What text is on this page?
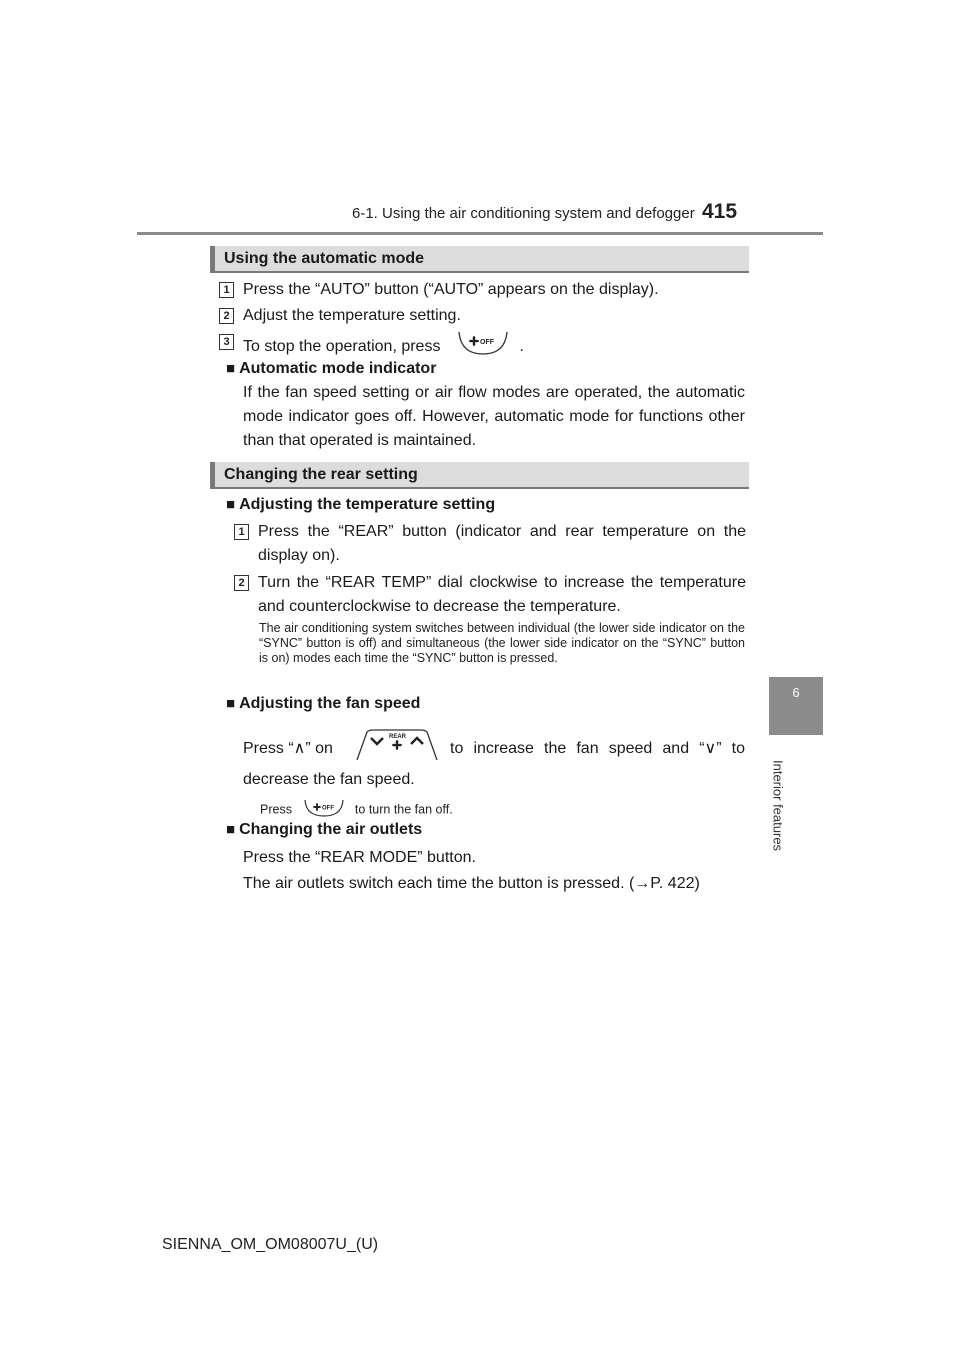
6-1. Using the air conditioning system and defogger 415
6
Interior features
Using the automatic mode
1 Press the “AUTO” button (“AUTO” appears on the display).
2 Adjust the temperature setting.
3 To stop the operation, press	OFF .
■ Automatic mode indicator
If the fan speed setting or air flow modes are operated, the automatic mode indicator goes off. However, automatic mode for functions other than that operated is maintained.
Changing the rear setting
■ Adjusting the temperature setting
1 Press the “REAR” button (indicator and rear temperature on the display on).
2 Turn the “REAR TEMP” dial clockwise to increase the temperature and counterclockwise to decrease the temperature.
The air conditioning system switches between individual (the lower side indicator on the “SYNC” button is off) and simultaneous (the lower side indicator on the “SYNC” button is on) modes each time the “SYNC” button is pressed.
■ Adjusting the fan speed
Press “∧” on
REAR
to increase the fan speed and “∨” to
decrease the fan speed.
Press	OFF to turn the fan off.
■ Changing the air outlets
Press the “REAR MODE” button.
The air outlets switch each time the button is pressed. (→P. 422)
SIENNA_OM_OM08007U_(U)
